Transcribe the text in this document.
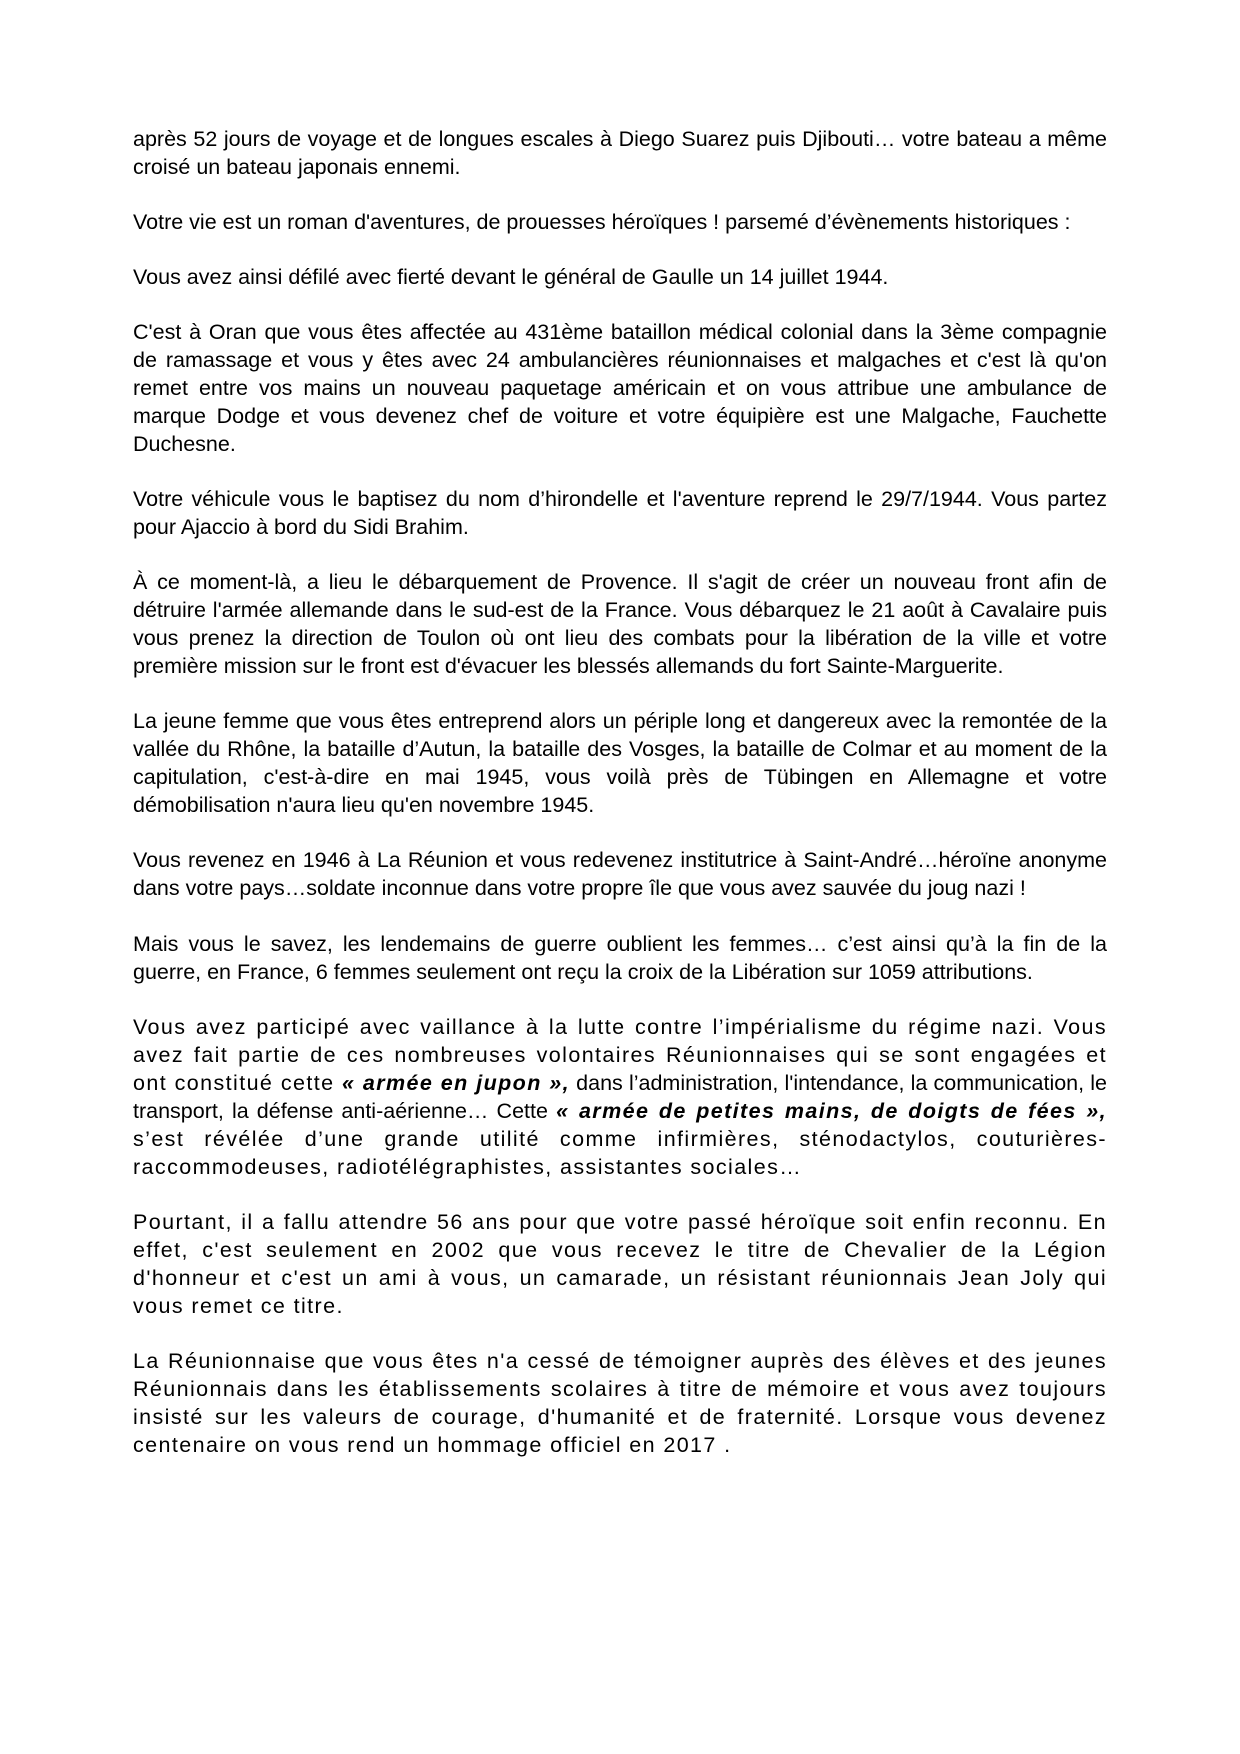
après 52 jours de voyage et de longues escales à Diego Suarez puis Djibouti… votre bateau a même croisé un bateau japonais ennemi.

Votre vie est un roman d'aventures, de prouesses héroïques ! parsemé d’évènements historiques :

Vous avez ainsi défilé avec fierté devant le général de Gaulle un 14 juillet 1944.

C'est à Oran que vous êtes affectée au 431ème bataillon médical colonial dans la 3ème compagnie de ramassage et vous y êtes avec 24 ambulancières réunionnaises et malgaches et c'est là qu'on remet entre vos mains un nouveau paquetage américain et on vous attribue une ambulance de marque Dodge et vous devenez chef de voiture et votre équipière est une Malgache, Fauchette Duchesne.

Votre véhicule vous le baptisez du nom d’hirondelle et l'aventure reprend le 29/7/1944. Vous partez pour Ajaccio à bord du Sidi Brahim.

À ce moment-là, a lieu le débarquement de Provence. Il s'agit de créer un nouveau front afin de détruire l'armée allemande dans le sud-est de la France. Vous débarquez le 21 août à Cavalaire puis vous prenez la direction de Toulon où ont lieu des combats pour la libération de la ville et votre première mission sur le front est d'évacuer les blessés allemands du fort Sainte-Marguerite.

La jeune femme que vous êtes entreprend alors un périple long et dangereux avec la remontée de la vallée du Rhône, la bataille d’Autun, la bataille des Vosges, la bataille de Colmar et au moment de la capitulation, c'est-à-dire en mai 1945, vous voilà près de Tübingen en Allemagne et votre démobilisation n'aura lieu qu'en novembre 1945.

Vous revenez en 1946 à La Réunion et vous redevenez institutrice à Saint-André…héroïne anonyme dans votre pays…soldate inconnue dans votre propre île que vous avez sauvée du joug nazi !

Mais vous le savez, les lendemains de guerre oublient les femmes… c’est ainsi qu’à la fin de la guerre, en France, 6 femmes seulement ont reçu la croix de la Libération sur 1059 attributions.

Vous avez participé avec vaillance à la lutte contre l’impérialisme du régime nazi. Vous avez fait partie de ces nombreuses volontaires Réunionnaises qui se sont engagées et ont constitué cette « armée en jupon », dans l’administration, l'intendance, la communication, le transport, la défense anti-aérienne… Cette « armée de petites mains, de doigts de fées », s’est révélée d’une grande utilité comme infirmières, sténodactylos, couturières-raccommodeuses, radiotélégraphistes, assistantes sociales…

Pourtant, il a fallu attendre 56 ans pour que votre passé héroïque soit enfin reconnu. En effet, c'est seulement en 2002 que vous recevez le titre de Chevalier de la Légion d'honneur et c'est un ami à vous, un camarade, un résistant réunionnais Jean Joly qui vous remet ce titre.

La Réunionnaise que vous êtes n'a cessé de témoigner auprès des élèves et des jeunes Réunionnais dans les établissements scolaires à titre de mémoire et vous avez toujours insisté sur les valeurs de courage, d'humanité et de fraternité. Lorsque vous devenez centenaire on vous rend un hommage officiel en 2017 .
